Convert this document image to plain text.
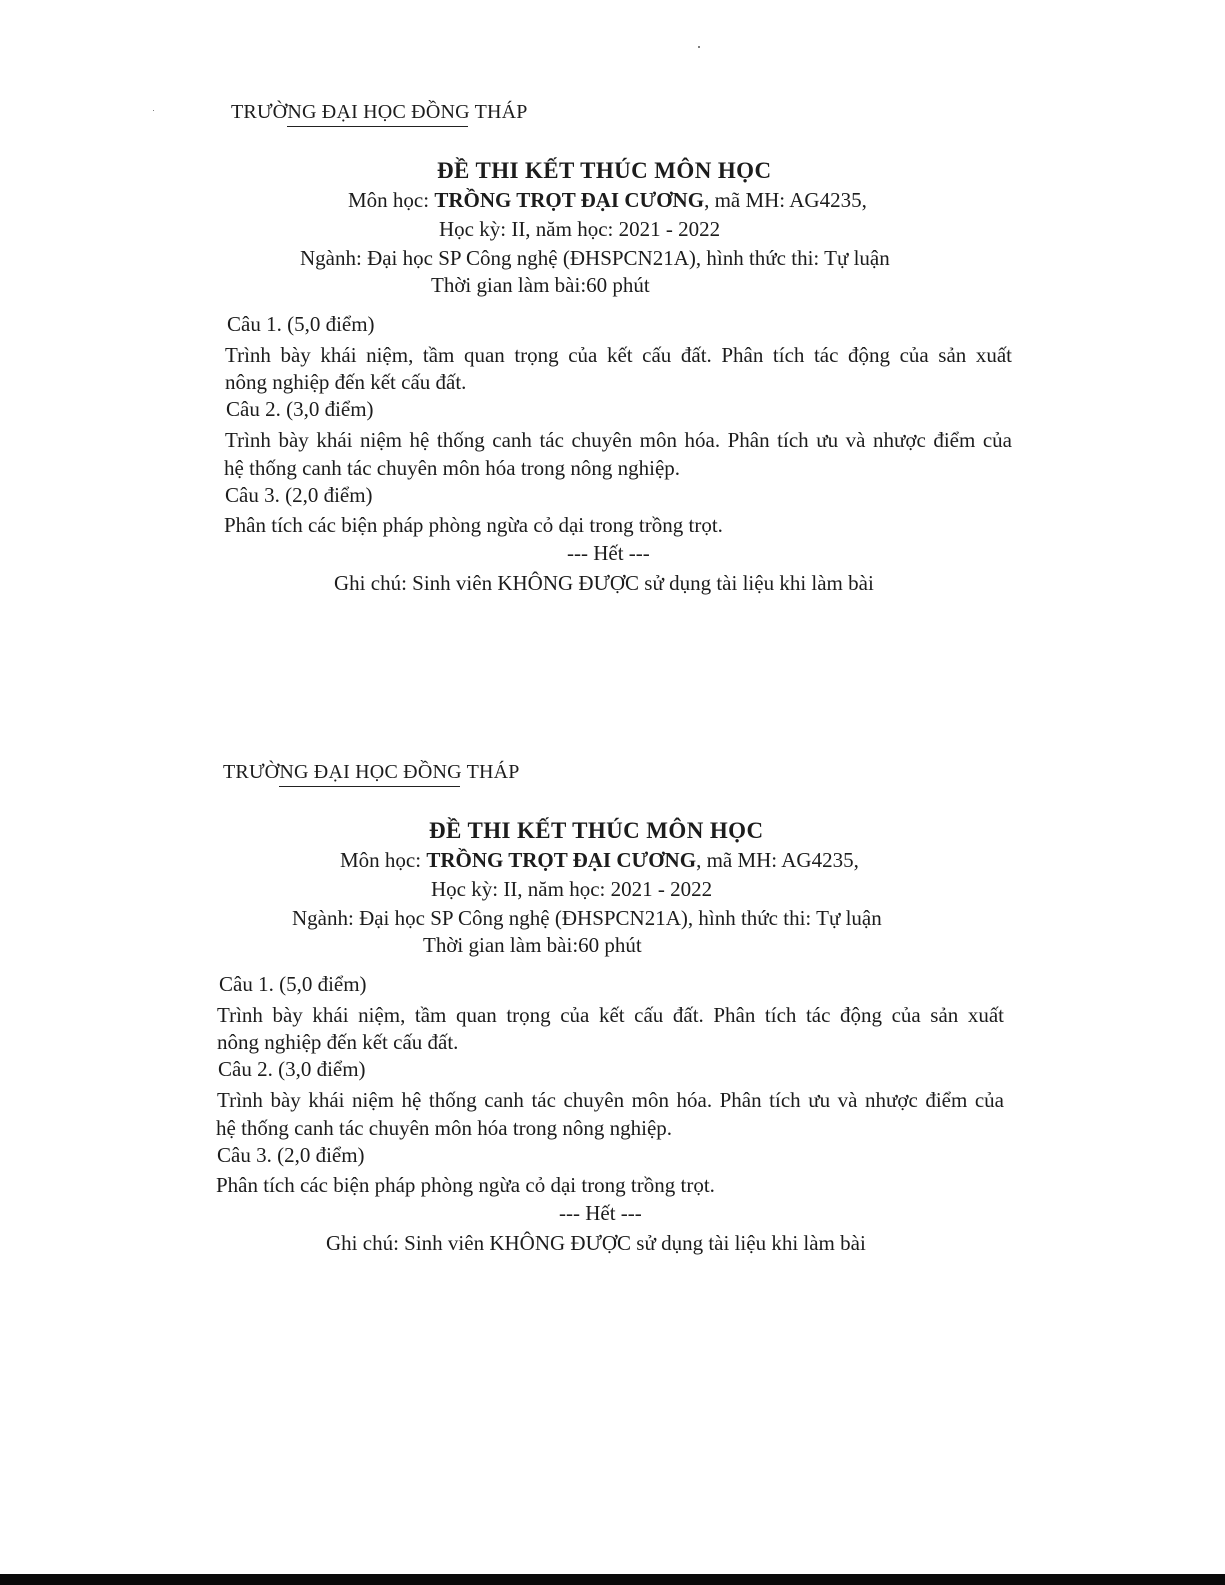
TRƯỜNG ĐẠI HỌC ĐỒNG THÁP
ĐỀ THI KẾT THÚC MÔN HỌC
Môn học: TRỒNG TRỌT ĐẠI CƯƠNG, mã MH: AG4235,
Học kỳ: II, năm học: 2021 - 2022
Ngành: Đại học SP Công nghệ (ĐHSPCN21A), hình thức thi: Tự luận
Thời gian làm bài:60 phút
Câu 1. (5,0 điểm)
Trình bày khái niệm, tầm quan trọng của kết cấu đất. Phân tích tác động của sản xuất
nông nghiệp đến kết cấu đất.
Câu 2. (3,0 điểm)
Trình bày khái niệm hệ thống canh tác chuyên môn hóa. Phân tích ưu và nhược điểm của
hệ thống canh tác chuyên môn hóa trong nông nghiệp.
Câu 3. (2,0 điểm)
Phân tích các biện pháp phòng ngừa cỏ dại trong trồng trọt.
--- Hết ---
Ghi chú: Sinh viên KHÔNG ĐƯỢC sử dụng tài liệu khi làm bài
TRƯỜNG ĐẠI HỌC ĐỒNG THÁP
ĐỀ THI KẾT THÚC MÔN HỌC
Môn học: TRỒNG TRỌT ĐẠI CƯƠNG, mã MH: AG4235,
Học kỳ: II, năm học: 2021 - 2022
Ngành: Đại học SP Công nghệ (ĐHSPCN21A), hình thức thi: Tự luận
Thời gian làm bài:60 phút
Câu 1. (5,0 điểm)
Trình bày khái niệm, tầm quan trọng của kết cấu đất. Phân tích tác động của sản xuất
nông nghiệp đến kết cấu đất.
Câu 2. (3,0 điểm)
Trình bày khái niệm hệ thống canh tác chuyên môn hóa. Phân tích ưu và nhược điểm của
hệ thống canh tác chuyên môn hóa trong nông nghiệp.
Câu 3. (2,0 điểm)
Phân tích các biện pháp phòng ngừa cỏ dại trong trồng trọt.
--- Hết ---
Ghi chú: Sinh viên KHÔNG ĐƯỢC sử dụng tài liệu khi làm bài
